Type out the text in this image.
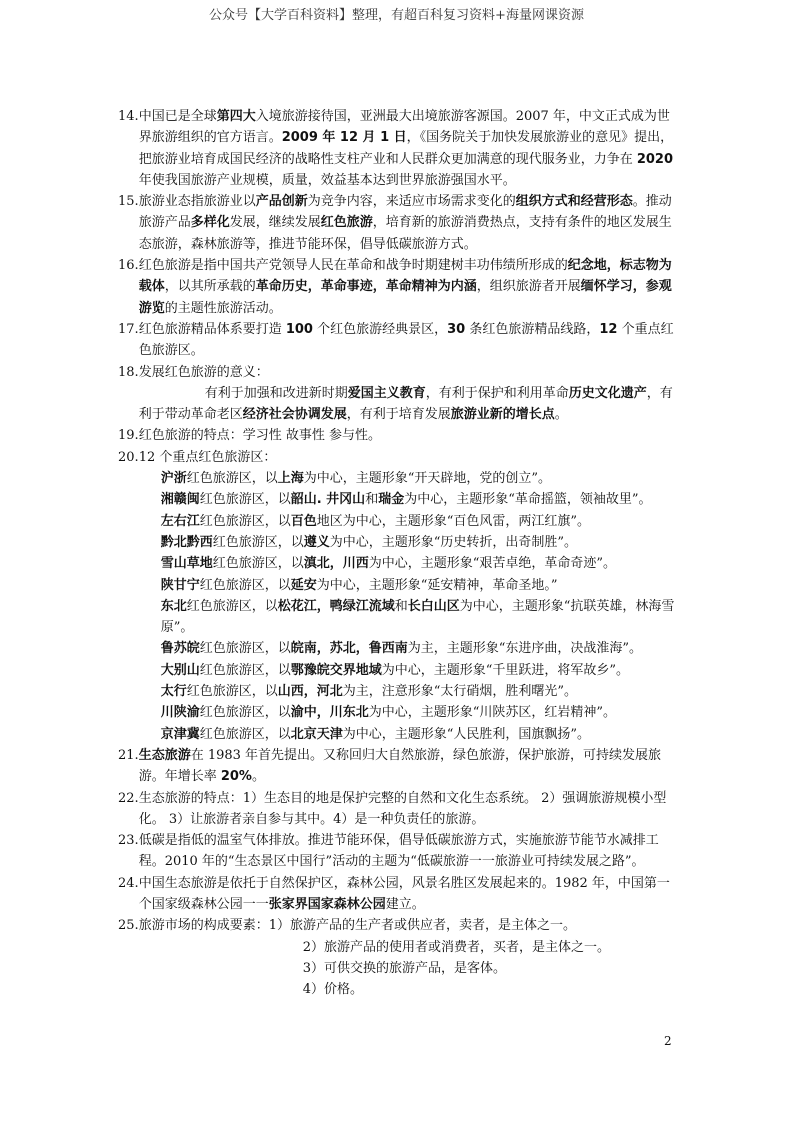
公众号【大学百科资料】整理，有超百科复习资料+海量网课资源
14. 中国已是全球第四大入境旅游接待国，亚洲最大出境旅游客源国。2007 年，中文正式成为世界旅游组织的官方语言。2009 年 12 月 1 日，《国务院关于加快发展旅游业的意见》提出，把旅游业培育成国民经济的战略性支柱产业和人民群众更加满意的现代服务业，力争在 2020 年使我国旅游产业规模，质量，效益基本达到世界旅游强国水平。
15. 旅游业态指旅游业以产品创新为竞争内容，来适应市场需求变化的组织方式和经营形态。推动旅游产品多样化发展，继续发展红色旅游，培育新的旅游消费热点，支持有条件的地区发展生态旅游，森林旅游等，推进节能环保，倡导低碳旅游方式。
16. 红色旅游是指中国共产党领导人民在革命和战争时期建树丰功伟绩所形成的纪念地，标志物为载体，以其所承载的革命历史，革命事迹，革命精神为内涵，组织旅游者开展缅怀学习，参观游览的主题性旅游活动。
17. 红色旅游精品体系要打造 100 个红色旅游经典景区，30 条红色旅游精品线路，12 个重点红色旅游区。
18. 发展红色旅游的意义：
有利于加强和改进新时期爱国主义教育，有利于保护和利用革命历史文化遗产，有利于带动革命老区经济社会协调发展，有利于培育发展旅游业新的增长点。
19. 红色旅游的特点：学习性 故事性 参与性。
20. 12 个重点红色旅游区：
沪浙红色旅游区，以上海为中心，主题形象“开天辟地，党的创立”。
湘赣闽红色旅游区，以韶山. 井冈山和瑞金为中心，主题形象“革命摇篮，领袖故里”。
左右江红色旅游区，以百色地区为中心，主题形象“百色风雷，两江红旗”。
黔北黔西红色旅游区，以遵义为中心，主题形象“历史转折，出奇制胜”。
雪山草地红色旅游区，以滇北，川西为中心，主题形象“艰苦卓绝，革命奇迹”。
陕甘宁红色旅游区，以延安为中心，主题形象“延安精神，革命圣地。”
东北红色旅游区，以松花江，鸭绿江流域和长白山区为中心，主题形象“抗联英雄，林海雪原”。
鲁苏皖红色旅游区，以皖南，苏北，鲁西南为主，主题形象“东进序曲，决战淮海”。
大别山红色旅游区，以鄂豫皖交界地域为中心，主题形象“千里跃进，将军故乡”。
太行红色旅游区，以山西，河北为主，注意形象“太行硝烟，胜利曙光”。
川陕渝红色旅游区，以渝中，川东北为中心，主题形象“川陕苏区，红岩精神”。
京津冀红色旅游区，以北京天津为中心，主题形象“人民胜利，国旗飘扬”。
21. 生态旅游在 1983 年首先提出。又称回归大自然旅游，绿色旅游，保护旅游，可持续发展旅游。年增长率 20%。
22. 生态旅游的特点：1）生态目的地是保护完整的自然和文化生态系统。 2）强调旅游规模小型化。 3）让旅游者亲自参与其中。4）是一种负责任的旅游。
23. 低碳是指低的温室气体排放。推进节能环保，倡导低碳旅游方式，实施旅游节能节水减排工程。2010 年的“生态景区中国行”活动的主题为“低碳旅游一一旅游业可持续发展之路”。
24. 中国生态旅游是依托于自然保护区，森林公园，风景名胜区发展起来的。1982 年，中国第一个国家级森林公园一一张家界国家森林公园建立。
25. 旅游市场的构成要素：1）旅游产品的生产者或供应者，卖者，是主体之一。
2）旅游产品的使用者或消费者，买者，是主体之一。
3）可供交换的旅游产品，是客体。
4）价格。
2
